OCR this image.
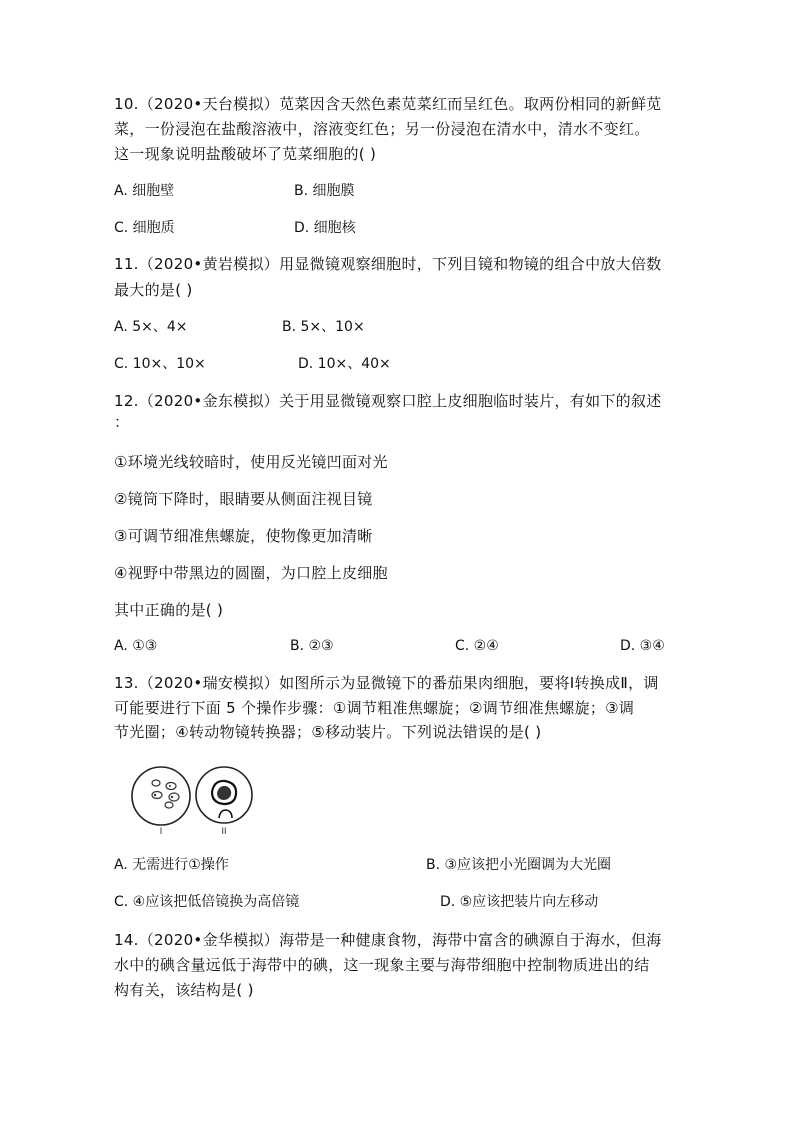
10.（2020•天台模拟）苋菜因含天然色素苋菜红而呈红色。取两份相同的新鲜苋
菜，一份浸泡在盐酸溶液中，溶液变红色；另一份浸泡在清水中，清水不变红。
这一现象说明盐酸破坏了苋菜细胞的( )
A. 细胞壁	B. 细胞膜
C. 细胞质	D. 细胞核
11.（2020•黄岩模拟）用显微镜观察细胞时，下列目镜和物镜的组合中放大倍数
最大的是( )
A. 5×、4×	B. 5×、10×
C. 10×、10×	D. 10×、40×
12.（2020•金东模拟）关于用显微镜观察口腔上皮细胞临时装片，有如下的叙述
：
①环境光线较暗时，使用反光镜凹面对光
②镜筒下降时，眼睛要从侧面注视目镜
③可调节细准焦螺旋，使物像更加清晰
④视野中带黑边的圆圈，为口腔上皮细胞
其中正确的是( )
A. ①③	B. ②③	C. ②④	D. ③④
13.（2020•瑞安模拟）如图所示为显微镜下的番茄果肉细胞，要将Ⅰ转换成Ⅱ，调
可能要进行下面 5 个操作步骤：①调节粗准焦螺旋；②调节细准焦螺旋；③调
节光圈；④转动物镜转换器；⑤移动装片。下列说法错误的是( )
I	II
A. 无需进行①操作	B. ③应该把小光圈调为大光圈
C. ④应该把低倍镜换为高倍镜	D. ⑤应该把装片向左移动
14.（2020•金华模拟）海带是一种健康食物，海带中富含的碘源自于海水，但海
水中的碘含量远低于海带中的碘，这一现象主要与海带细胞中控制物质进出的结
构有关，该结构是( )
